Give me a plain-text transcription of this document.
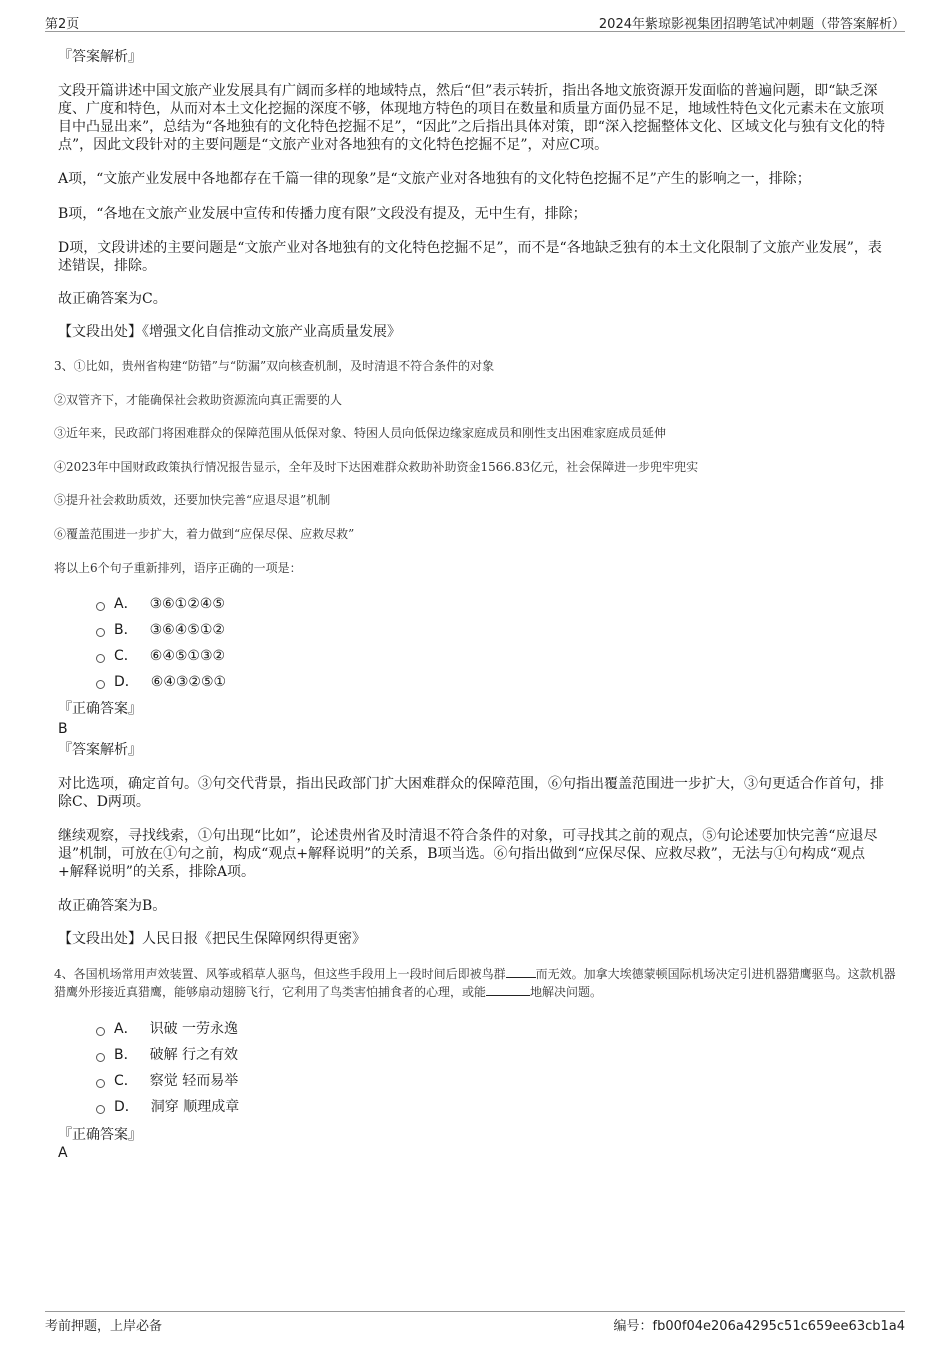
第2页	2024年紫琼影视集团招聘笔试冲刺题（带答案解析）
『答案解析』
文段开篇讲述中国文旅产业发展具有广阔而多样的地域特点，然后“但”表示转折，指出各地文旅资源开发面临的普遍问题，即“缺乏深度、广度和特色，从而对本土文化挖掘的深度不够，体现地方特色的项目在数量和质量方面仍显不足，地域性特色文化元素未在文旅项目中凸显出来”，总结为“各地独有的文化特色挖掘不足”，“因此”之后指出具体对策，即“深入挖掘整体文化、区域文化与独有文化的特点”，因此文段针对的主要问题是“文旅产业对各地独有的文化特色挖掘不足”，对应C项。
A项，“文旅产业发展中各地都存在千篇一律的现象”是“文旅产业对各地独有的文化特色挖掘不足”产生的影响之一，排除；
B项，“各地在文旅产业发展中宣传和传播力度有限”文段没有提及，无中生有，排除；
D项，文段讲述的主要问题是“文旅产业对各地独有的文化特色挖掘不足”，而不是“各地缺乏独有的本土文化限制了文旅产业发展”，表述错误，排除。
故正确答案为C。
【文段出处】《增强文化自信推动文旅产业高质量发展》
3、①比如，贵州省构建“防错”与“防漏”双向核查机制，及时清退不符合条件的对象
②双管齐下，才能确保社会救助资源流向真正需要的人
③近年来，民政部门将困难群众的保障范围从低保对象、特困人员向低保边缘家庭成员和刚性支出困难家庭成员延伸
④2023年中国财政政策执行情况报告显示，全年及时下达困难群众救助补助资金1566.83亿元，社会保障进一步兜牢兜实
⑤提升社会救助质效，还要加快完善“应退尽退”机制
⑥覆盖范围进一步扩大，着力做到“应保尽保、应救尽救”
将以上6个句子重新排列，语序正确的一项是：
A． ③⑥①②④⑤
B． ③⑥④⑤①②
C． ⑥④⑤①③②
D． ⑥④③②⑤①
『正确答案』
B
『答案解析』
对比选项，确定首句。③句交代背景，指出民政部门扩大困难群众的保障范围，⑥句指出覆盖范围进一步扩大，③句更适合作首句，排除C、D两项。
继续观察，寻找线索，①句出现“比如”，论述贵州省及时清退不符合条件的对象，可寻找其之前的观点，⑤句论述要加快完善“应退尽退”机制，可放在①句之前，构成“观点+解释说明”的关系，B项当选。⑥句指出做到“应保尽保、应救尽救”，无法与①句构成“观点+解释说明”的关系，排除A项。
故正确答案为B。
【文段出处】人民日报《把民生保障网织得更密》
4、各国机场常用声效装置、风筝或稻草人驱鸟，但这些手段用上一段时间后即被鸟群	而无效。加拿大埃德蒙顿国际机场决定引进机器猎鹰驱鸟。这款机器猎鹰外形接近真猎鹰，能够扇动翅膀飞行，它利用了鸟类害怕捕食者的心理，或能	地解决问题。
A． 识破 一劳永逸
B． 破解 行之有效
C． 察觉 轻而易举
D． 洞穿 顺理成章
『正确答案』
A
考前押题，上岸必备	编号：fb00f04e206a4295c51c659ee63cb1a4
